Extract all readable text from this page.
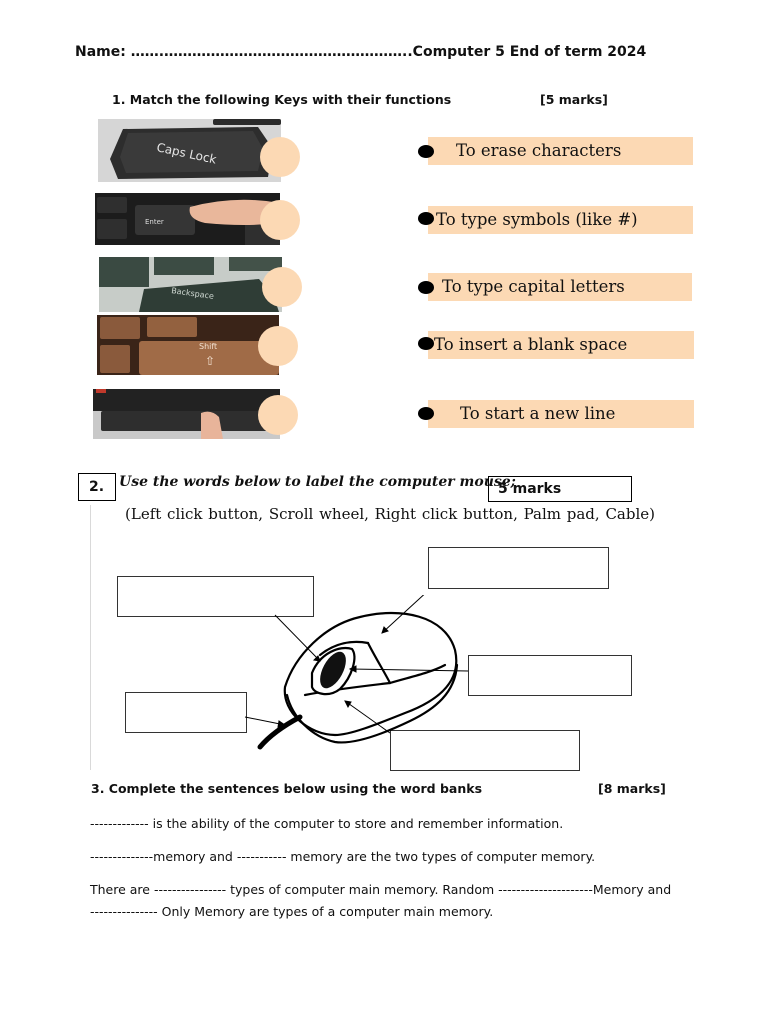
Name: …….……………………………………………..Computer 5 End of term 2024
1. Match the following Keys with their functions	[5 marks]
Caps Lock
Enter
Backspace
Shift
⇧
To erase characters
To type symbols (like #)
To type capital letters
To insert a blank space
To start a new line
2.	Use the words below to label the computer mouse;
5 marks
(Left click button, Scroll wheel, Right click button, Palm pad, Cable)
3. Complete the sentences below using the word banks	[8 marks]
------------- is the ability of the computer to store and remember information.
--------------memory and ----------- memory are the two types of computer memory.
There are ---------------- types of computer main memory. Random ---------------------Memory and
--------------- Only Memory are types of a computer main memory.
